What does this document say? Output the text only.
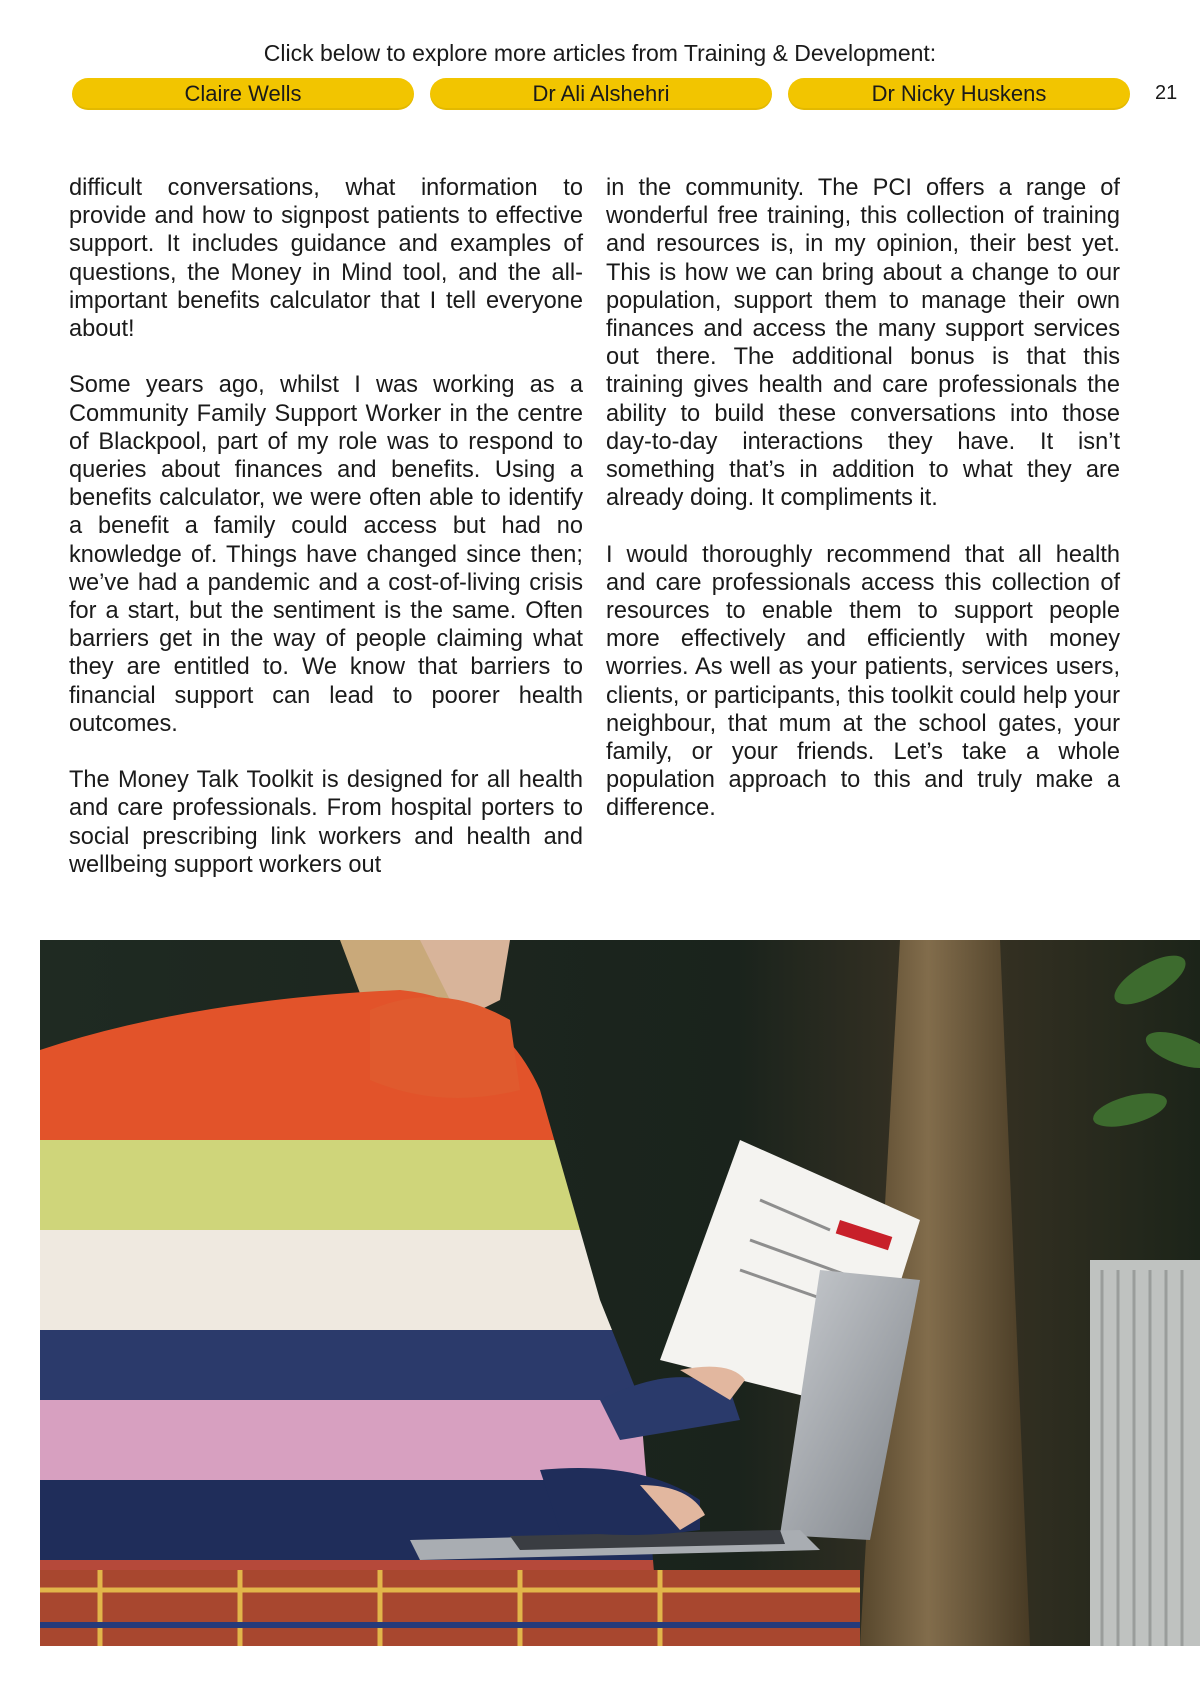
Click below to explore more articles from Training & Development:
Claire Wells	Dr Ali Alshehri	Dr Nicky Huskens	21

difficult conversations, what information to provide and how to signpost patients to effective support. It includes guidance and examples of questions, the Money in Mind tool, and the all-important benefits calculator that I tell everyone about!

Some years ago, whilst I was working as a Community Family Support Worker in the centre of Blackpool, part of my role was to respond to queries about finances and benefits. Using a benefits calculator, we were often able to identify a benefit a family could access but had no knowledge of. Things have changed since then; we’ve had a pandemic and a cost-of-living crisis for a start, but the sentiment is the same. Often barriers get in the way of people claiming what they are entitled to. We know that barriers to financial support can lead to poorer health outcomes.

The Money Talk Toolkit is designed for all health and care professionals. From hospital porters to social prescribing link workers and health and wellbeing support workers out

in the community. The PCI offers a range of wonderful free training, this collection of training and resources is, in my opinion, their best yet. This is how we can bring about a change to our population, support them to manage their own finances and access the many support services out there. The additional bonus is that this training gives health and care professionals the ability to build these conversations into those day-to-day interactions they have. It isn’t something that’s in addition to what they are already doing. It compliments it.

I would thoroughly recommend that all health and care professionals access this collection of resources to enable them to support people more effectively and efficiently with money worries. As well as your patients, services users, clients, or participants, this toolkit could help your neighbour, that mum at the school gates, your family, or your friends. Let’s take a whole population approach to this and truly make a difference.
